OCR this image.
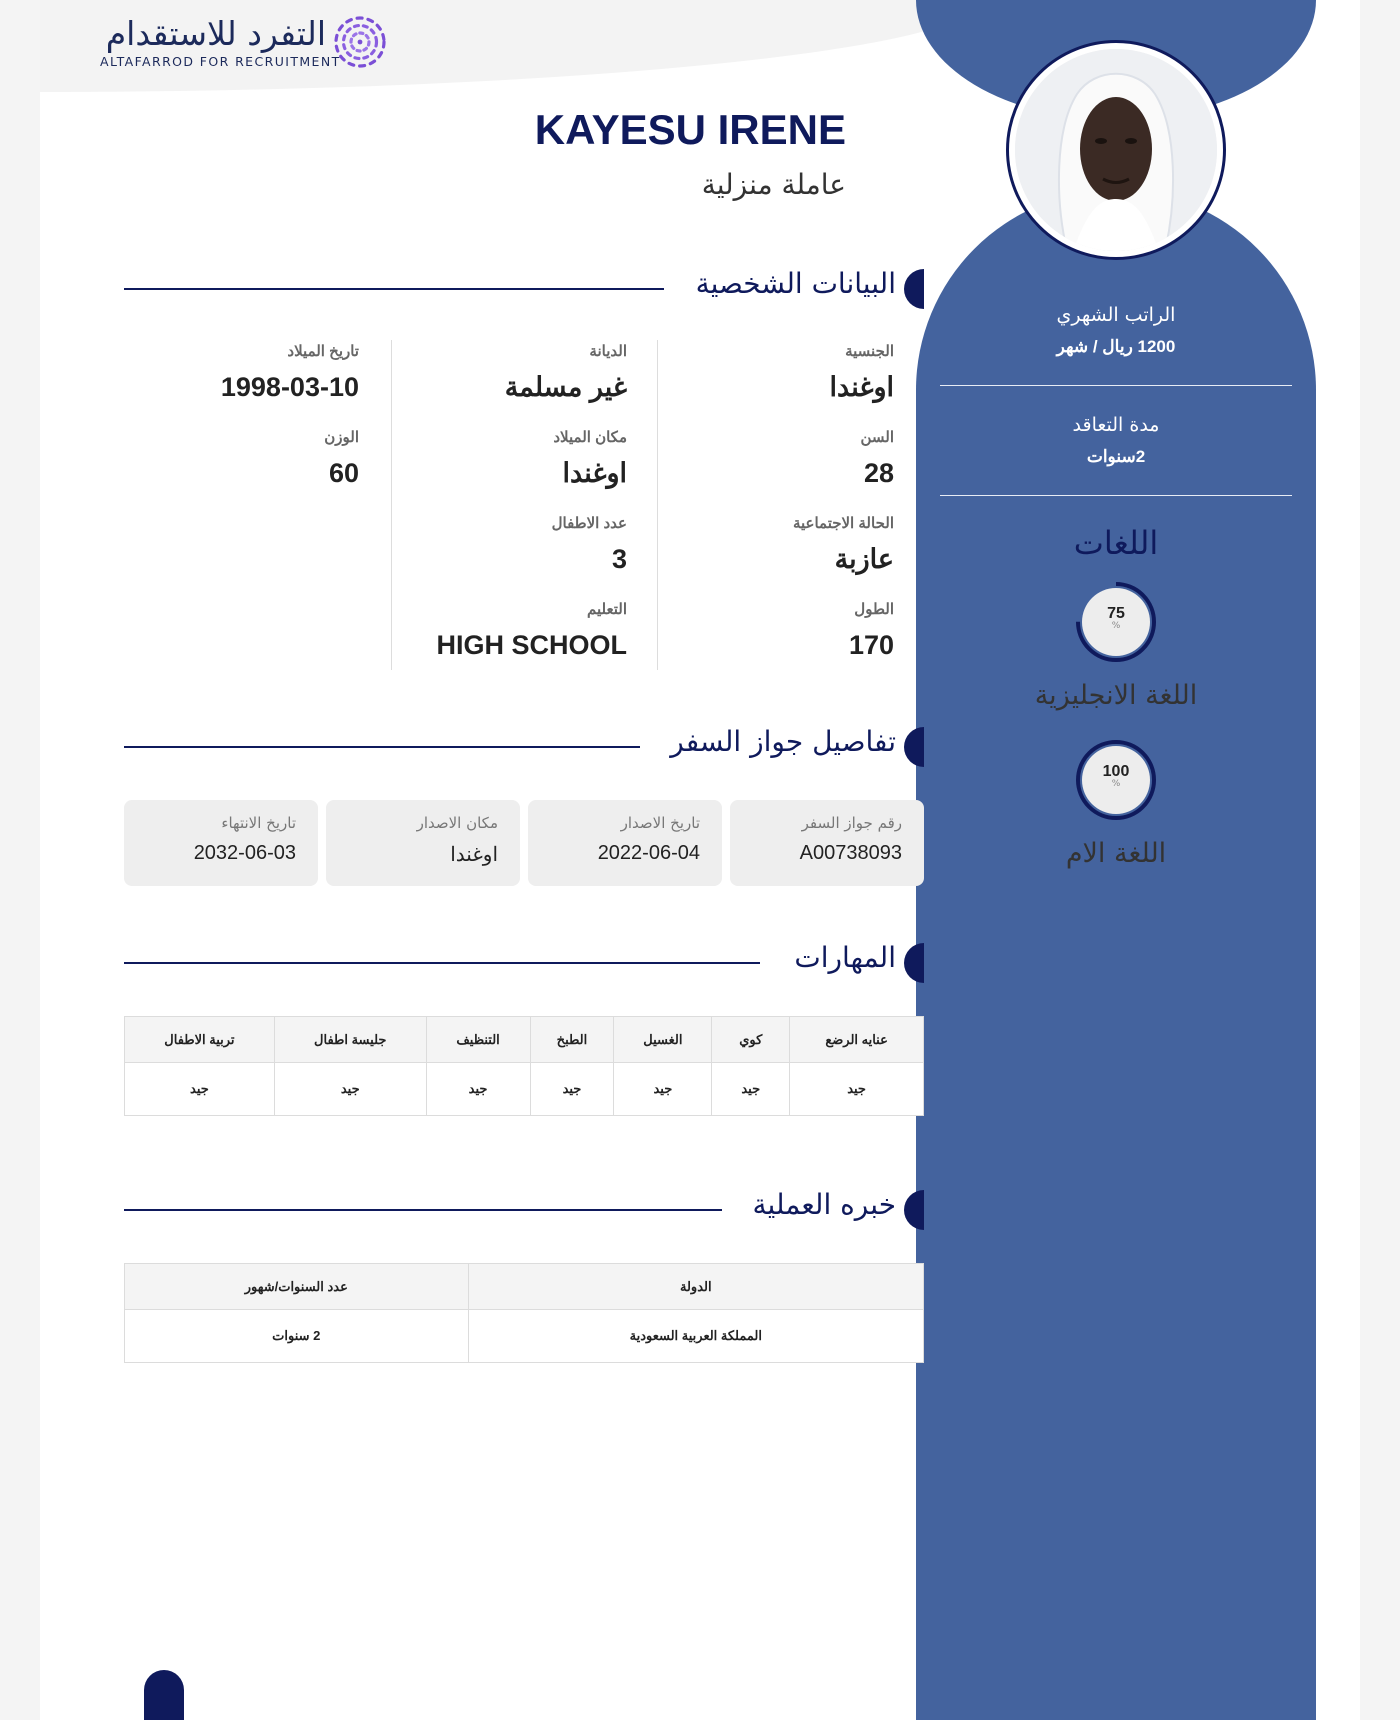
التفرد للاستقدام
ALTAFARROD FOR RECRUITMENT
الراتب الشهري
1200 ريال / شهر
مدة التعاقد
2سنوات
اللغات
75
%
اللغة الانجليزية
100
%
اللغة الام
KAYESU IRENE
عاملة منزلية
البيانات الشخصية
الجنسية
اوغندا
السن
28
الحالة الاجتماعية
عازبة
الطول
170
الديانة
غير مسلمة
مكان الميلاد
اوغندا
عدد الاطفال
3
التعليم
HIGH SCHOOL
تاريخ الميلاد
1998-03-10
الوزن
60
تفاصيل جواز السفر
رقم جواز السفر
A00738093
تاريخ الاصدار
2022-06-04
مكان الاصدار
اوغندا
تاريخ الانتهاء
2032-06-03
المهارات
عنايه الرضع	كوي	الغسيل	الطبخ	التنظيف	جليسة اطفال	تربية الاطفال
جيد	جيد	جيد	جيد	جيد	جيد	جيد
خبره العملية
الدولة	عدد السنوات/شهور
المملكة العربية السعودية	2 سنوات
